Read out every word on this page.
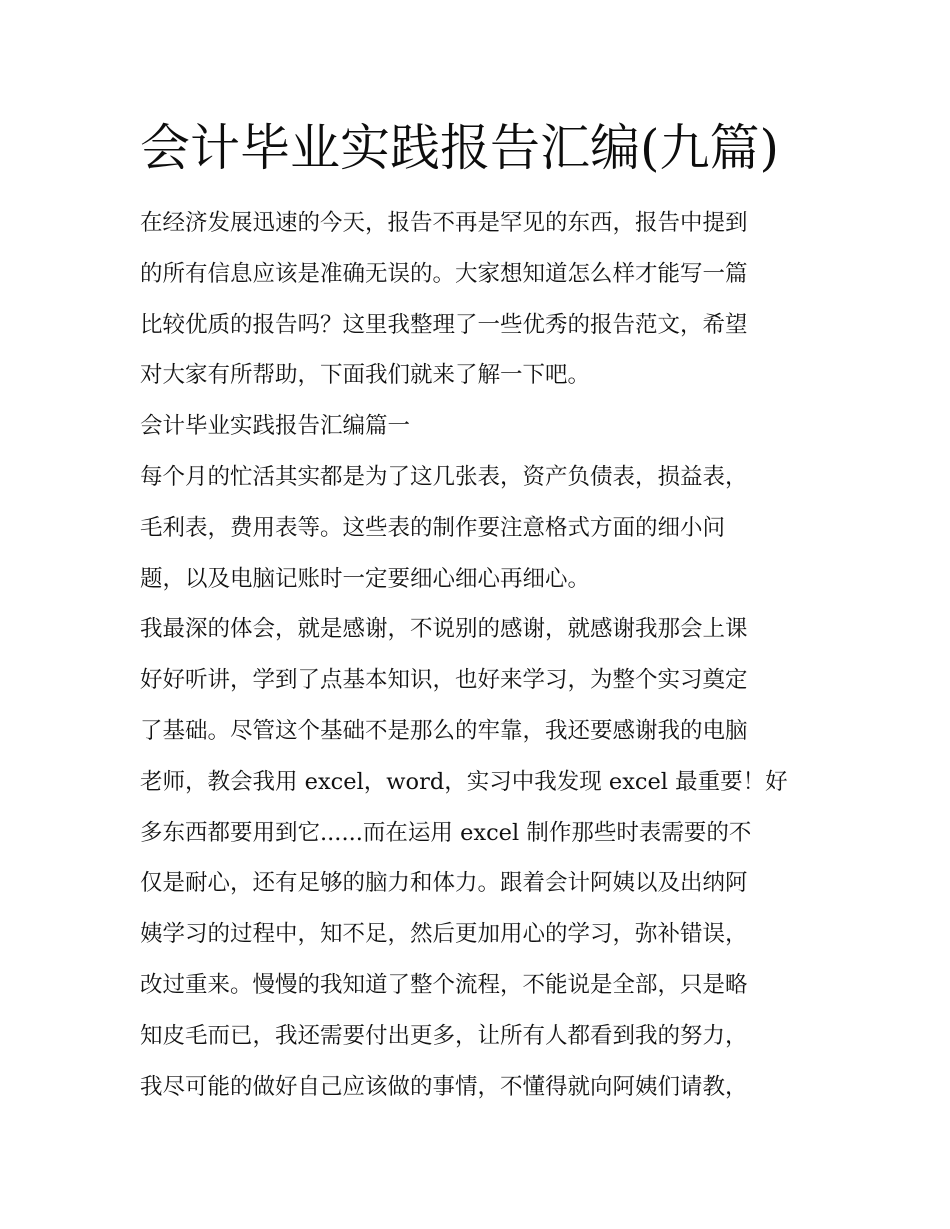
会计毕业实践报告汇编(九篇)
在经济发展迅速的今天，报告不再是罕见的东西，报告中提到
的所有信息应该是准确无误的。大家想知道怎么样才能写一篇
比较优质的报告吗？这里我整理了一些优秀的报告范文，希望
对大家有所帮助，下面我们就来了解一下吧。
会计毕业实践报告汇编篇一
每个月的忙活其实都是为了这几张表，资产负债表，损益表，
毛利表，费用表等。这些表的制作要注意格式方面的细小问
题，以及电脑记账时一定要细心细心再细心。
我最深的体会，就是感谢，不说别的感谢，就感谢我那会上课
好好听讲，学到了点基本知识，也好来学习，为整个实习奠定
了基础。尽管这个基础不是那么的牢靠，我还要感谢我的电脑
老师，教会我用 excel，word，实习中我发现 excel 最重要！好
多东西都要用到它......而在运用 excel 制作那些时表需要的不
仅是耐心，还有足够的脑力和体力。跟着会计阿姨以及出纳阿
姨学习的过程中，知不足，然后更加用心的学习，弥补错误，
改过重来。慢慢的我知道了整个流程，不能说是全部，只是略
知皮毛而已，我还需要付出更多，让所有人都看到我的努力，
我尽可能的做好自己应该做的事情，不懂得就向阿姨们请教，
